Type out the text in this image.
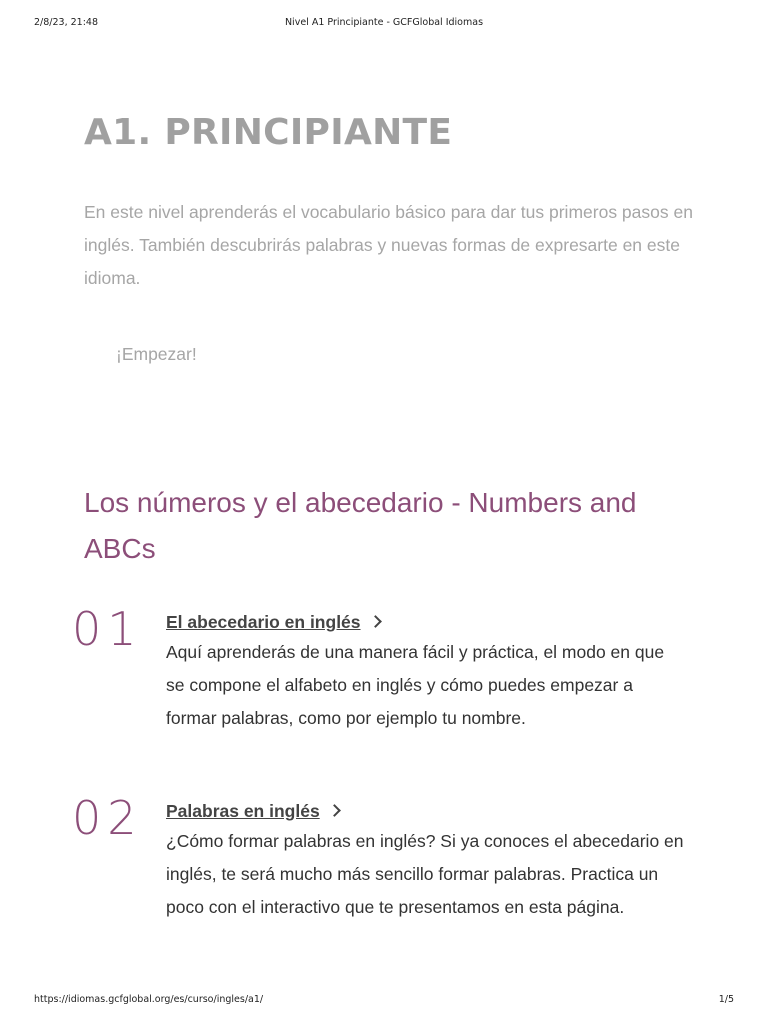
2/8/23, 21:48	Nivel A1 Principiante - GCFGlobal Idiomas
A1. PRINCIPIANTE

En este nivel aprenderás el vocabulario básico para dar tus primeros pasos en inglés. También descubrirás palabras y nuevas formas de expresarte en este idioma.

¡Empezar!
Los números y el abecedario - Numbers and ABCs
01 El abecedario en inglés

Aquí aprenderás de una manera fácil y práctica, el modo en que se compone el alfabeto en inglés y cómo puedes empezar a formar palabras, como por ejemplo tu nombre.

02 Palabras en inglés

¿Cómo formar palabras en inglés? Si ya conoces el abecedario en inglés, te será mucho más sencillo formar palabras. Practica un poco con el interactivo que te presentamos en esta página.

https://idiomas.gcfglobal.org/es/curso/ingles/a1/	1/5
